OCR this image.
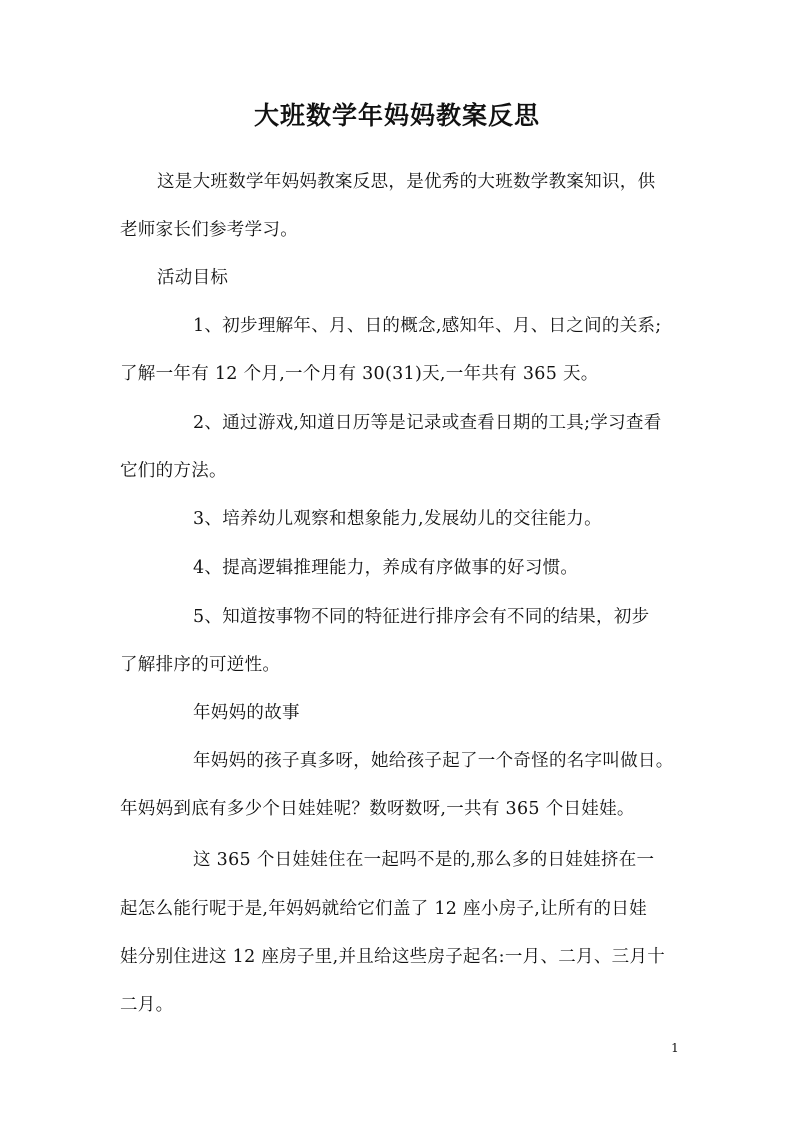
大班数学年妈妈教案反思
这是大班数学年妈妈教案反思，是优秀的大班数学教案知识，供
老师家长们参考学习。
活动目标
1、初步理解年、月、日的概念,感知年、月、日之间的关系;
了解一年有 12 个月,一个月有 30(31)天,一年共有 365 天。
2、通过游戏,知道日历等是记录或查看日期的工具;学习查看
它们的方法。
3、培养幼儿观察和想象能力,发展幼儿的交往能力。
4、提高逻辑推理能力，养成有序做事的好习惯。
5、知道按事物不同的特征进行排序会有不同的结果，初步
了解排序的可逆性。
年妈妈的故事
年妈妈的孩子真多呀，她给孩子起了一个奇怪的名字叫做日。
年妈妈到底有多少个日娃娃呢？数呀数呀,一共有 365 个日娃娃。
这 365 个日娃娃住在一起吗不是的,那么多的日娃娃挤在一
起怎么能行呢于是,年妈妈就给它们盖了 12 座小房子,让所有的日娃
娃分别住进这 12 座房子里,并且给这些房子起名:一月、二月、三月十
二月。
1
